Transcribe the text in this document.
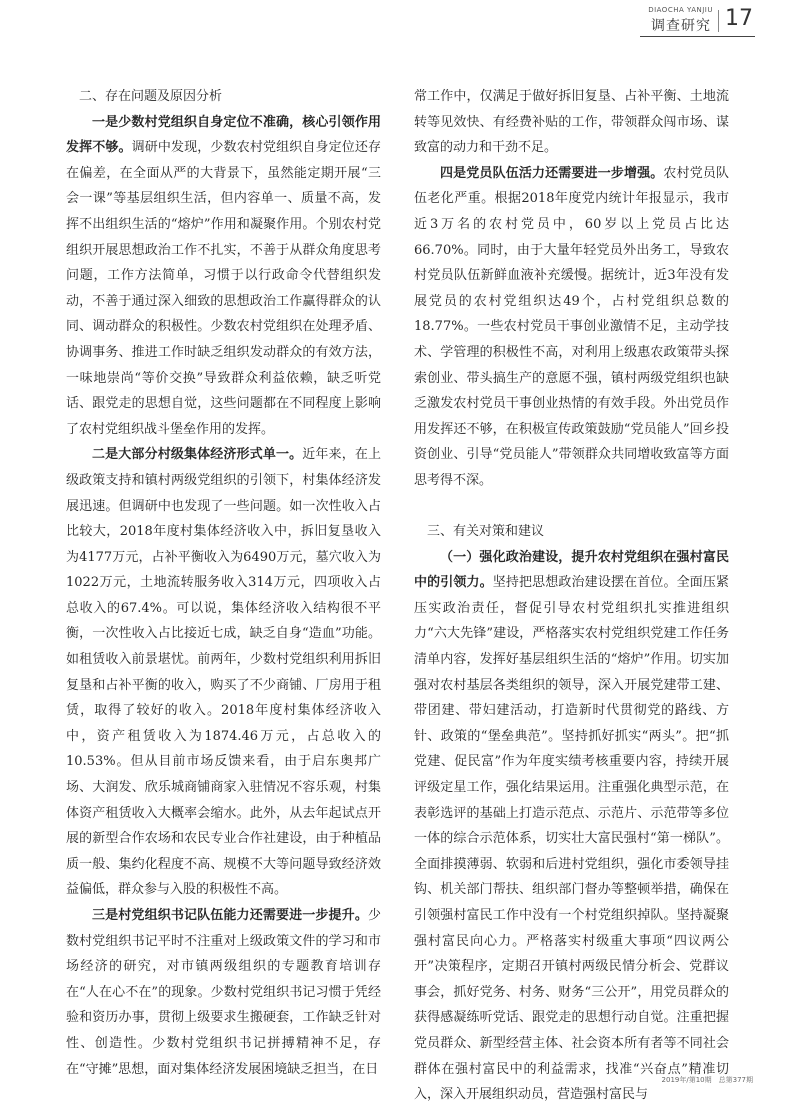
DIAOCHA YANJIU
调查研究 17
二、存在问题及原因分析

一是少数村党组织自身定位不准确，核心引领作用发挥不够。调研中发现，少数农村党组织自身定位还存在偏差，在全面从严的大背景下，虽然能定期开展“三会一课”等基层组织生活，但内容单一、质量不高，发挥不出组织生活的“熔炉”作用和凝聚作用。个别农村党组织开展思想政治工作不扎实，不善于从群众角度思考问题，工作方法简单，习惯于以行政命令代替组织发动，不善于通过深入细致的思想政治工作赢得群众的认同、调动群众的积极性。少数农村党组织在处理矛盾、协调事务、推进工作时缺乏组织发动群众的有效方法，一味地崇尚“等价交换”导致群众利益依赖，缺乏听党话、跟党走的思想自觉，这些问题都在不同程度上影响了农村党组织战斗堡垒作用的发挥。

二是大部分村级集体经济形式单一。近年来，在上级政策支持和镇村两级党组织的引领下，村集体经济发展迅速。但调研中也发现了一些问题。如一次性收入占比较大，2018年度村集体经济收入中，拆旧复垦收入为4177万元，占补平衡收入为6490万元，墓穴收入为1022万元，土地流转服务收入314万元，四项收入占总收入的67.4%。可以说，集体经济收入结构很不平衡，一次性收入占比接近七成，缺乏自身“造血”功能。如租赁收入前景堪忧。前两年，少数村党组织利用拆旧复垦和占补平衡的收入，购买了不少商铺、厂房用于租赁，取得了较好的收入。2018年度村集体经济收入中，资产租赁收入为1874.46万元，占总收入的10.53%。但从目前市场反馈来看，由于启东奥邦广场、大润发、欣乐城商铺商家入驻情况不容乐观，村集体资产租赁收入大概率会缩水。此外，从去年起试点开展的新型合作农场和农民专业合作社建设，由于种植品质一般、集约化程度不高、规模不大等问题导致经济效益偏低，群众参与入股的积极性不高。

三是村党组织书记队伍能力还需要进一步提升。少数村党组织书记平时不注重对上级政策文件的学习和市场经济的研究，对市镇两级组织的专题教育培训存在“人在心不在”的现象。少数村党组织书记习惯于凭经验和资历办事，贯彻上级要求生搬硬套，工作缺乏针对性、创造性。少数村党组织书记拼搏精神不足，存在“守摊”思想，面对集体经济发展困境缺乏担当，在日

常工作中，仅满足于做好拆旧复垦、占补平衡、土地流转等见效快、有经费补贴的工作，带领群众闯市场、谋致富的动力和干劲不足。

四是党员队伍活力还需要进一步增强。农村党员队伍老化严重。根据2018年度党内统计年报显示，我市近3万名的农村党员中，60岁以上党员占比达66.70%。同时，由于大量年轻党员外出务工，导致农村党员队伍新鲜血液补充缓慢。据统计，近3年没有发展党员的农村党组织达49个，占村党组织总数的18.77%。一些农村党员干事创业激情不足，主动学技术、学管理的积极性不高，对利用上级惠农政策带头探索创业、带头搞生产的意愿不强，镇村两级党组织也缺乏激发农村党员干事创业热情的有效手段。外出党员作用发挥还不够，在积极宣传政策鼓励“党员能人”回乡投资创业、引导“党员能人”带领群众共同增收致富等方面思考得不深。

三、有关对策和建议

（一）强化政治建设，提升农村党组织在强村富民中的引领力。坚持把思想政治建设摆在首位。全面压紧压实政治责任，督促引导农村党组织扎实推进组织力“六大先锋”建设，严格落实农村党组织党建工作任务清单内容，发挥好基层组织生活的“熔炉”作用。切实加强对农村基层各类组织的领导，深入开展党建带工建、带团建、带妇建活动，打造新时代贯彻党的路线、方针、政策的“堡垒典范”。坚持抓好抓实“两头”。把“抓党建、促民富”作为年度实绩考核重要内容，持续开展评级定星工作，强化结果运用。注重强化典型示范，在表彰选评的基础上打造示范点、示范片、示范带等多位一体的综合示范体系，切实壮大富民强村“第一梯队”。全面排摸薄弱、软弱和后进村党组织，强化市委领导挂钩、机关部门帮扶、组织部门督办等整顿举措，确保在引领强村富民工作中没有一个村党组织掉队。坚持凝聚强村富民向心力。严格落实村级重大事项“四议两公开”决策程序，定期召开镇村两级民情分析会、党群议事会，抓好党务、村务、财务“三公开”，用党员群众的获得感凝练听党话、跟党走的思想行动自觉。注重把握党员群众、新型经营主体、社会资本所有者等不同社会群体在强村富民中的利益需求，找准“兴奋点”精准切入，深入开展组织动员，营造强村富民与

2019年/第10期　总第377期
